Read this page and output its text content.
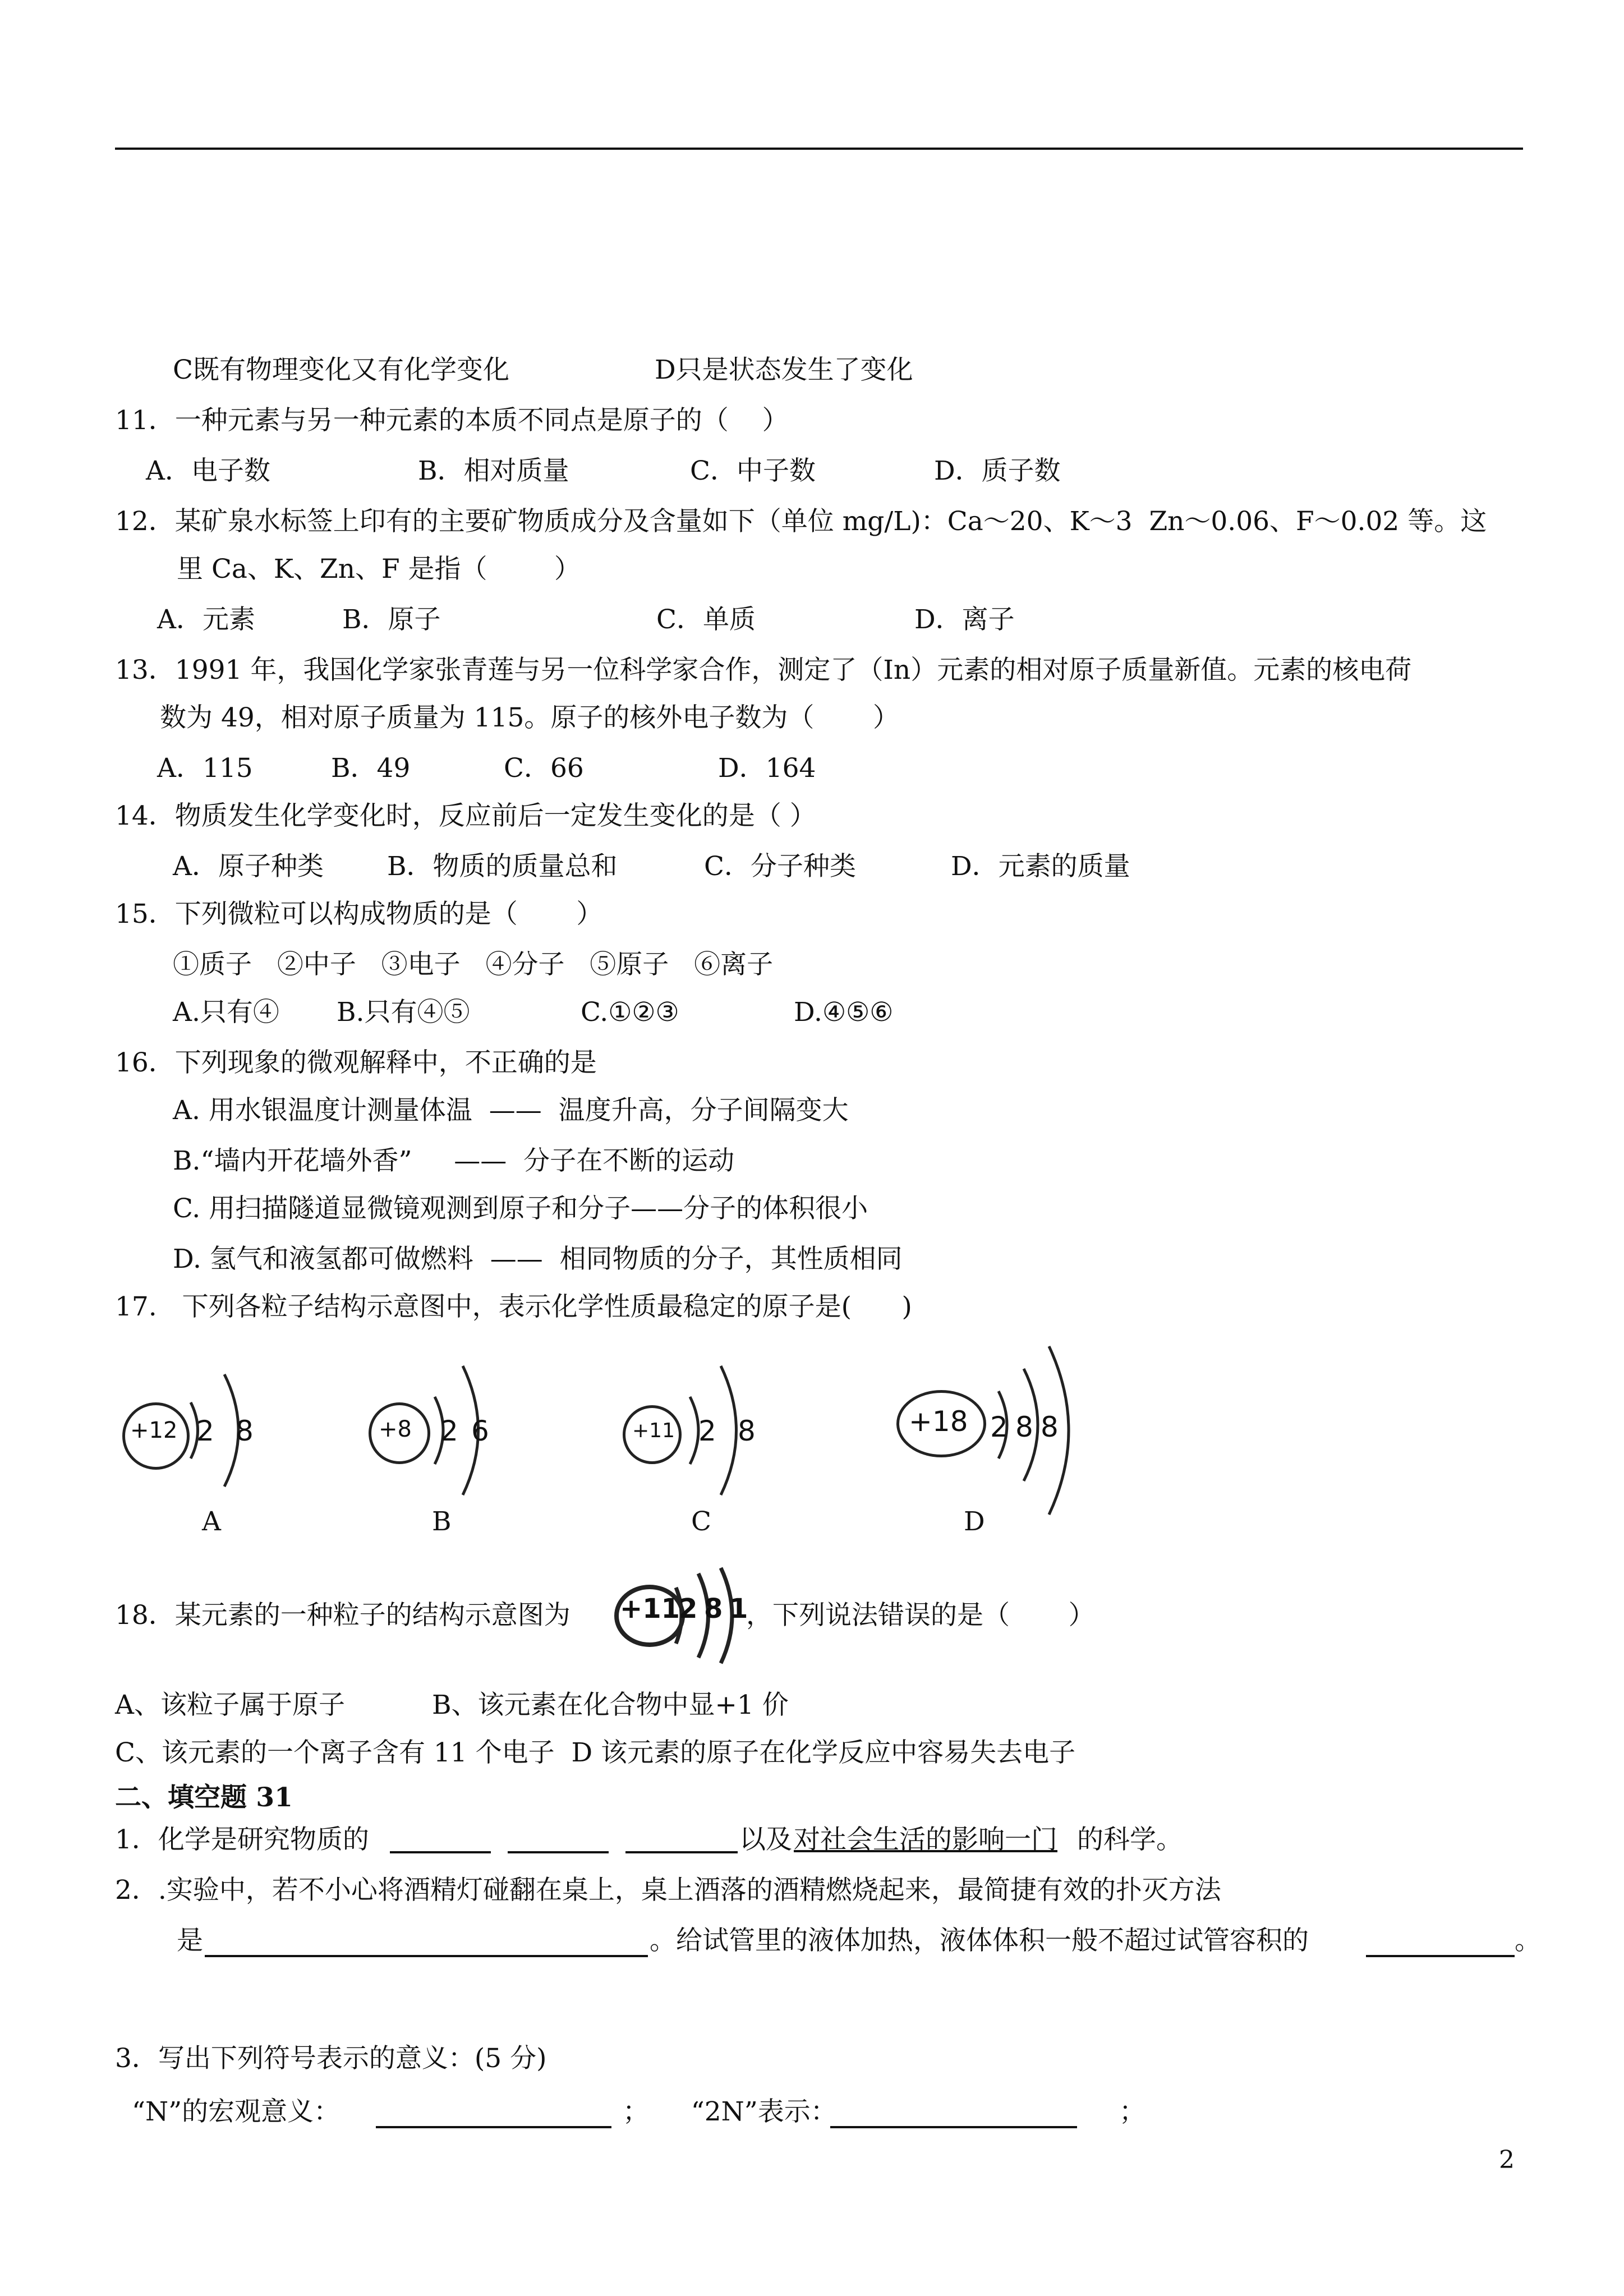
C既有物理变化又有化学变化	D只是状态发生了变化
11．一种元素与另一种元素的本质不同点是原子的（    ）
A．电子数	B．相对质量	C．中子数	D．质子数
12．某矿泉水标签上印有的主要矿物质成分及含量如下（单位 mg/L)：Ca～20、K～3  Zn～0.06、F～0.02 等。这
里 Ca、K、Zn、F 是指（        ）
A．元素	B．原子	C．单质	D．离子
13．1991 年，我国化学家张青莲与另一位科学家合作，测定了（In）元素的相对原子质量新值。元素的核电荷
数为 49，相对原子质量为 115。原子的核外电子数为（       ）
A．115	B．49	C．66	D．164
14．物质发生化学变化时，反应前后一定发生变化的是（ ）
A．原子种类 B．物质的质量总和	C．分子种类	D．元素的质量
15．下列微粒可以构成物质的是（       ）
①质子   ②中子   ③电子   ④分子   ⑤原子   ⑥离子
A.只有④ B.只有④⑤	C.①②③	D.④⑤⑥
16．下列现象的微观解释中，不正确的是
A. 用水银温度计测量体温  ——  温度升高，分子间隔变大
B.“墙内开花墙外香”     ——  分子在不断的运动
C. 用扫描隧道显微镜观测到原子和分子——分子的体积很小
D. 氢气和液氢都可做燃料  ——  相同物质的分子，其性质相同
17.   下列各粒子结构示意图中，表示化学性质最稳定的原子是(      )
+12 2 8
A
+8 2 6
B
+11 2 8
C
+18 2 8 8
D
18．某元素的一种粒子的结构示意图为 +11
2 8 1
，下列说法错误的是（       ）
A、该粒子属于原子	B、该元素在化合物中显+1 价
C、该元素的一个离子含有 11 个电子  D 该元素的原子在化学反应中容易失去电子
二、填空题 31
1．化学是研究物质的	以及 对社会生活的影响一门 的科学。
2．.实验中，若不小心将酒精灯碰翻在桌上，桌上酒落的酒精燃烧起来，最简捷有效的扑灭方法
是	。给试管里的液体加热，液体体积一般不超过试管容积的	。
3．写出下列符号表示的意义：(5 分)
“N”的宏观意义：	；     “2N”表示：	；
2
